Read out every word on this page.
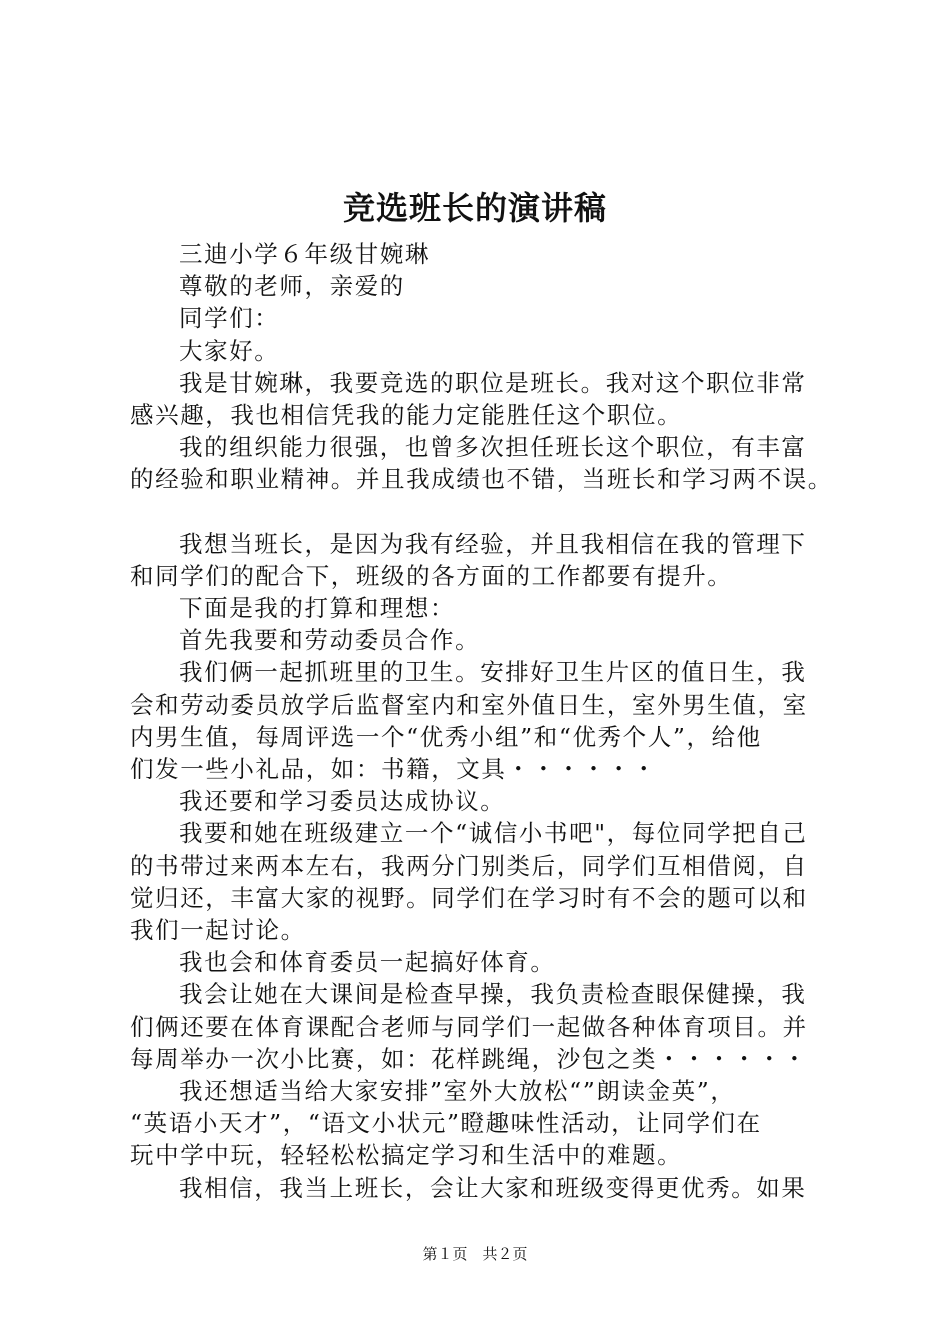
竞选班长的演讲稿

三迪小学６年级甘婉琳

尊敬的老师，亲爱的

同学们：

大家好。

我是甘婉琳，我要竞选的职位是班长。我对这个职位非常
感兴趣，我也相信凭我的能力定能胜任这个职位。

我的组织能力很强，也曾多次担任班长这个职位，有丰富
的经验和职业精神。并且我成绩也不错，当班长和学习两不误。

我想当班长，是因为我有经验，并且我相信在我的管理下
和同学们的配合下，班级的各方面的工作都要有提升。

下面是我的打算和理想：

首先我要和劳动委员合作。

我们俩一起抓班里的卫生。安排好卫生片区的值日生，我
会和劳动委员放学后监督室内和室外值日生，室外男生值，室
内男生值，每周评选一个“优秀小组”和“优秀个人”，给他
们发一些小礼品，如：书籍，文具・・・・・・

我还要和学习委员达成协议。

我要和她在班级建立一个“诚信小书吧"，每位同学把自己
的书带过来两本左右，我两分门别类后，同学们互相借阅，自
觉归还，丰富大家的视野。同学们在学习时有不会的题可以和
我们一起讨论。

我也会和体育委员一起搞好体育。

我会让她在大课间是检查早操，我负责检查眼保健操，我
们俩还要在体育课配合老师与同学们一起做各种体育项目。并
每周举办一次小比赛，如：花样跳绳，沙包之类・・・・・・

我还想适当给大家安排”室外大放松“”朗读金英”，
“英语小天才”，“语文小状元”瞪趣味性活动，让同学们在
玩中学中玩，轻轻松松搞定学习和生活中的难题。

我相信，我当上班长，会让大家和班级变得更优秀。如果

第１页　共２页
